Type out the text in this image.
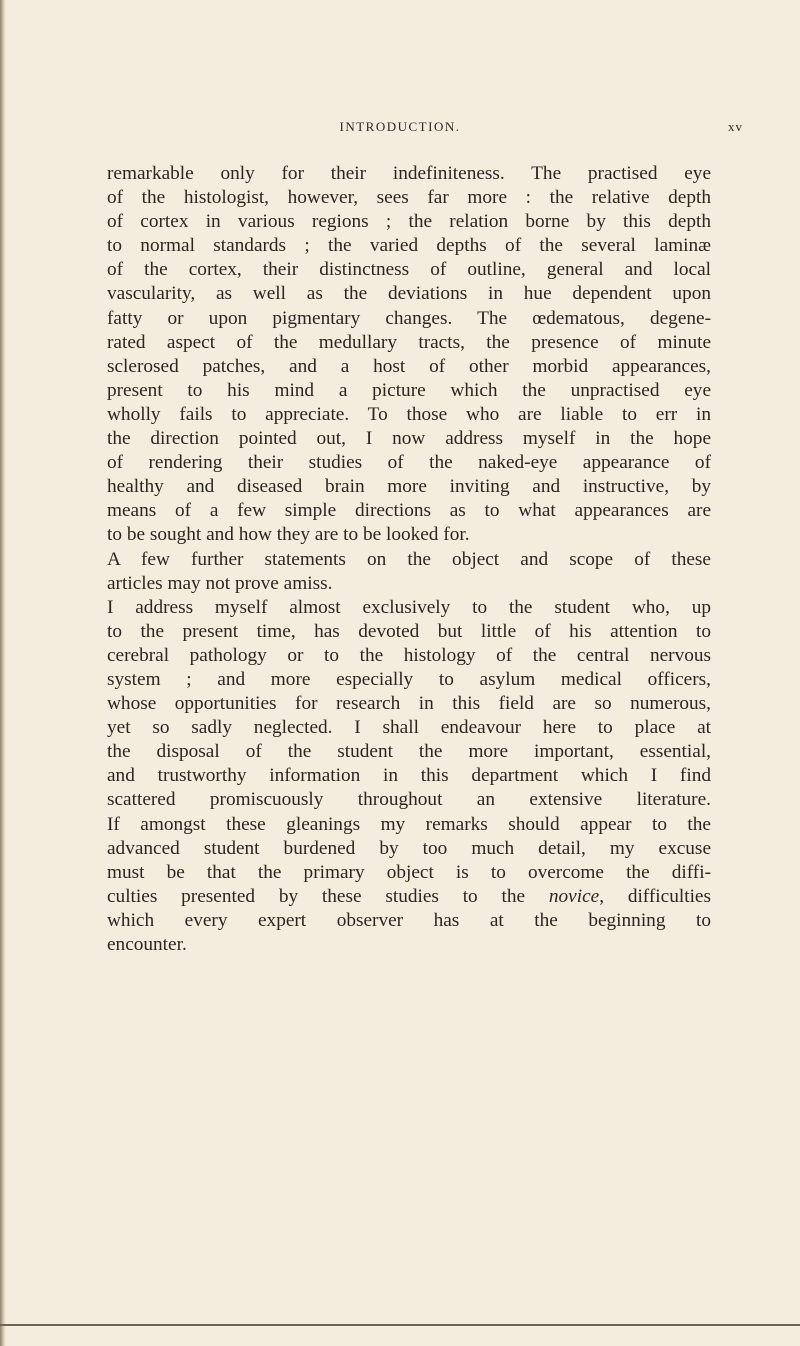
INTRODUCTION.	xv
remarkable only for their indefiniteness. The practised eye
of the histologist, however, sees far more : the relative depth
of cortex in various regions ; the relation borne by this depth
to normal standards ; the varied depths of the several laminæ
of the cortex, their distinctness of outline, general and local
vascularity, as well as the deviations in hue dependent upon
fatty or upon pigmentary changes. The œdematous, degene-
rated aspect of the medullary tracts, the presence of minute
sclerosed patches, and a host of other morbid appearances,
present to his mind a picture which the unpractised eye
wholly fails to appreciate. To those who are liable to err in
the direction pointed out, I now address myself in the hope
of rendering their studies of the naked-eye appearance of
healthy and diseased brain more inviting and instructive, by
means of a few simple directions as to what appearances are
to be sought and how they are to be looked for.
A few further statements on the object and scope of these
articles may not prove amiss.
I address myself almost exclusively to the student who, up
to the present time, has devoted but little of his attention to
cerebral pathology or to the histology of the central nervous
system ; and more especially to asylum medical officers,
whose opportunities for research in this field are so numerous,
yet so sadly neglected. I shall endeavour here to place at
the disposal of the student the more important, essential,
and trustworthy information in this department which I find
scattered promiscuously throughout an extensive literature.
If amongst these gleanings my remarks should appear to the
advanced student burdened by too much detail, my excuse
must be that the primary object is to overcome the diffi-
culties presented by these studies to the novice, difficulties
which every expert observer has at the beginning to
encounter.
